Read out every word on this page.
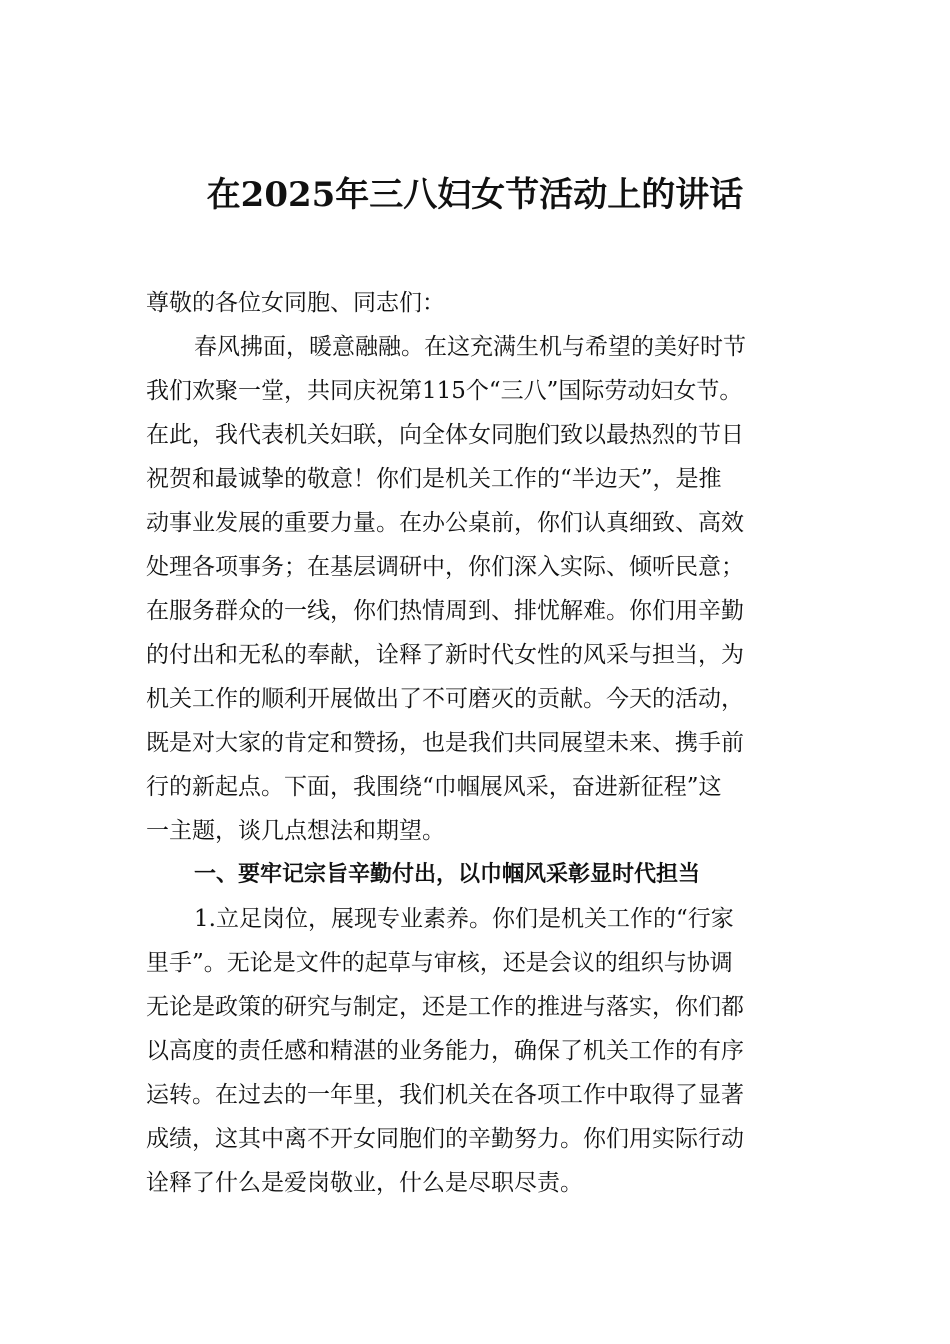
在2025年三八妇女节活动上的讲话
尊敬的各位女同胞、同志们：
春风拂面，暖意融融。在这充满生机与希望的美好时节
我们欢聚一堂，共同庆祝第115个“三八”国际劳动妇女节。
在此，我代表机关妇联，向全体女同胞们致以最热烈的节日
祝贺和最诚挚的敬意！你们是机关工作的“半边天”，是推
动事业发展的重要力量。在办公桌前，你们认真细致、高效
处理各项事务；在基层调研中，你们深入实际、倾听民意；
在服务群众的一线，你们热情周到、排忧解难。你们用辛勤
的付出和无私的奉献，诠释了新时代女性的风采与担当，为
机关工作的顺利开展做出了不可磨灭的贡献。今天的活动，
既是对大家的肯定和赞扬，也是我们共同展望未来、携手前
行的新起点。下面，我围绕“巾帼展风采，奋进新征程”这
一主题，谈几点想法和期望。
一、要牢记宗旨辛勤付出，以巾帼风采彰显时代担当
1.立足岗位，展现专业素养。你们是机关工作的“行家
里手”。无论是文件的起草与审核，还是会议的组织与协调
无论是政策的研究与制定，还是工作的推进与落实，你们都
以高度的责任感和精湛的业务能力，确保了机关工作的有序
运转。在过去的一年里，我们机关在各项工作中取得了显著
成绩，这其中离不开女同胞们的辛勤努力。你们用实际行动
诠释了什么是爱岗敬业，什么是尽职尽责。
